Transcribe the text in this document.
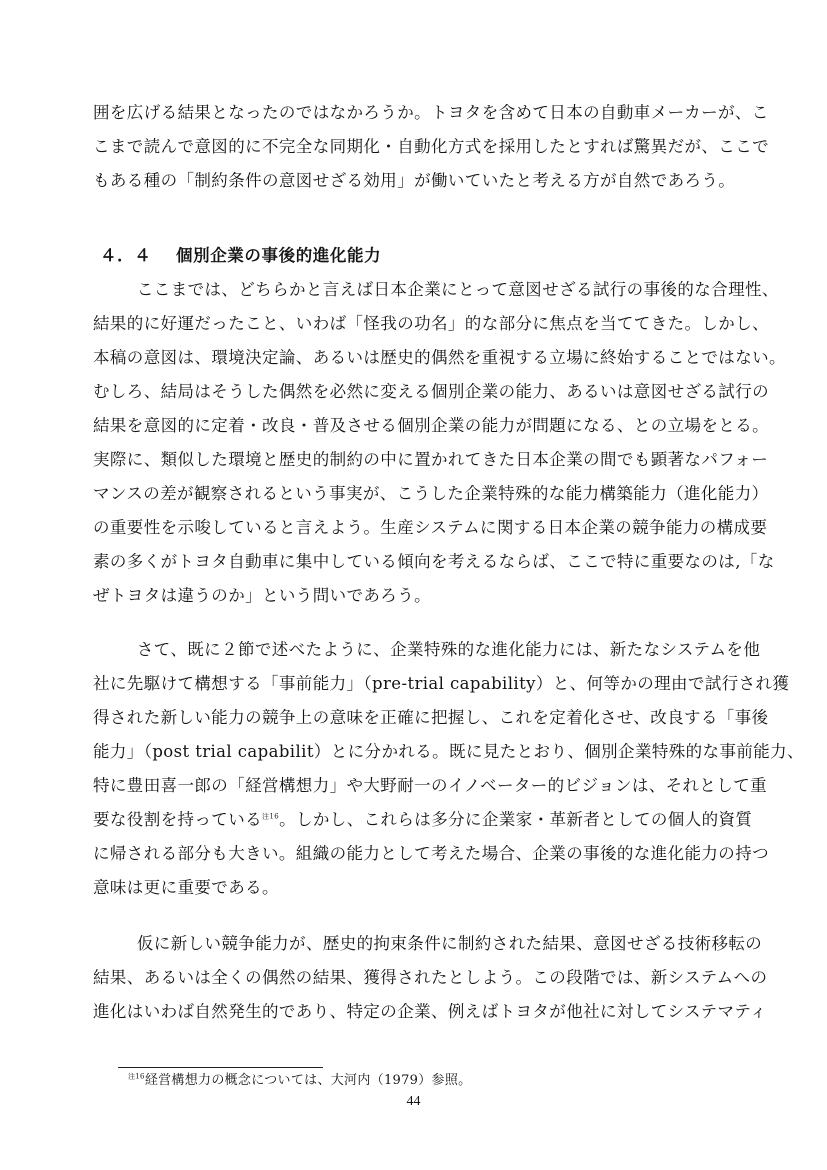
囲を広げる結果となったのではなかろうか。トヨタを含めて日本の自動車メーカーが、こ
こまで読んで意図的に不完全な同期化・自動化方式を採用したとすれば驚異だが、ここで
もある種の「制約条件の意図せざる効用」が働いていたと考える方が自然であろう。
４．４ 個別企業の事後的進化能力
　ここまでは、どちらかと言えば日本企業にとって意図せざる試行の事後的な合理性、
結果的に好運だったこと、いわば「怪我の功名」的な部分に焦点を当ててきた。しかし、
本稿の意図は、環境決定論、あるいは歴史的偶然を重視する立場に終始することではない。
むしろ、結局はそうした偶然を必然に変える個別企業の能力、あるいは意図せざる試行の
結果を意図的に定着・改良・普及させる個別企業の能力が問題になる、との立場をとる。
実際に、類似した環境と歴史的制約の中に置かれてきた日本企業の間でも顕著なパフォー
マンスの差が観察されるという事実が、こうした企業特殊的な能力構築能力（進化能力）
の重要性を示唆していると言えよう。生産システムに関する日本企業の競争能力の構成要
素の多くがトヨタ自動車に集中している傾向を考えるならば、ここで特に重要なのは,「な
ぜトヨタは違うのか」という問いであろう。
　さて、既に２節で述べたように、企業特殊的な進化能力には、新たなシステムを他
社に先駆けて構想する「事前能力」（pre-trial capability）と、何等かの理由で試行され獲
得された新しい能力の競争上の意味を正確に把握し、これを定着化させ、改良する「事後
能力」（post trial capabilit）とに分かれる。既に見たとおり、個別企業特殊的な事前能力、
特に豊田喜一郎の「経営構想力」や大野耐一のイノベーター的ビジョンは、それとして重
要な役割を持っている$^{注16}$。しかし、これらは多分に企業家・革新者としての個人的資質
に帰される部分も大きい。組織の能力として考えた場合、企業の事後的な進化能力の持つ
意味は更に重要である。
　仮に新しい競争能力が、歴史的拘束条件に制約された結果、意図せざる技術移転の
結果、あるいは全くの偶然の結果、獲得されたとしよう。この段階では、新システムへの
進化はいわば自然発生的であり、特定の企業、例えばトヨタが他社に対してシステマティ
$^{注16}$経営構想力の概念については、大河内（1979）参照。
44
